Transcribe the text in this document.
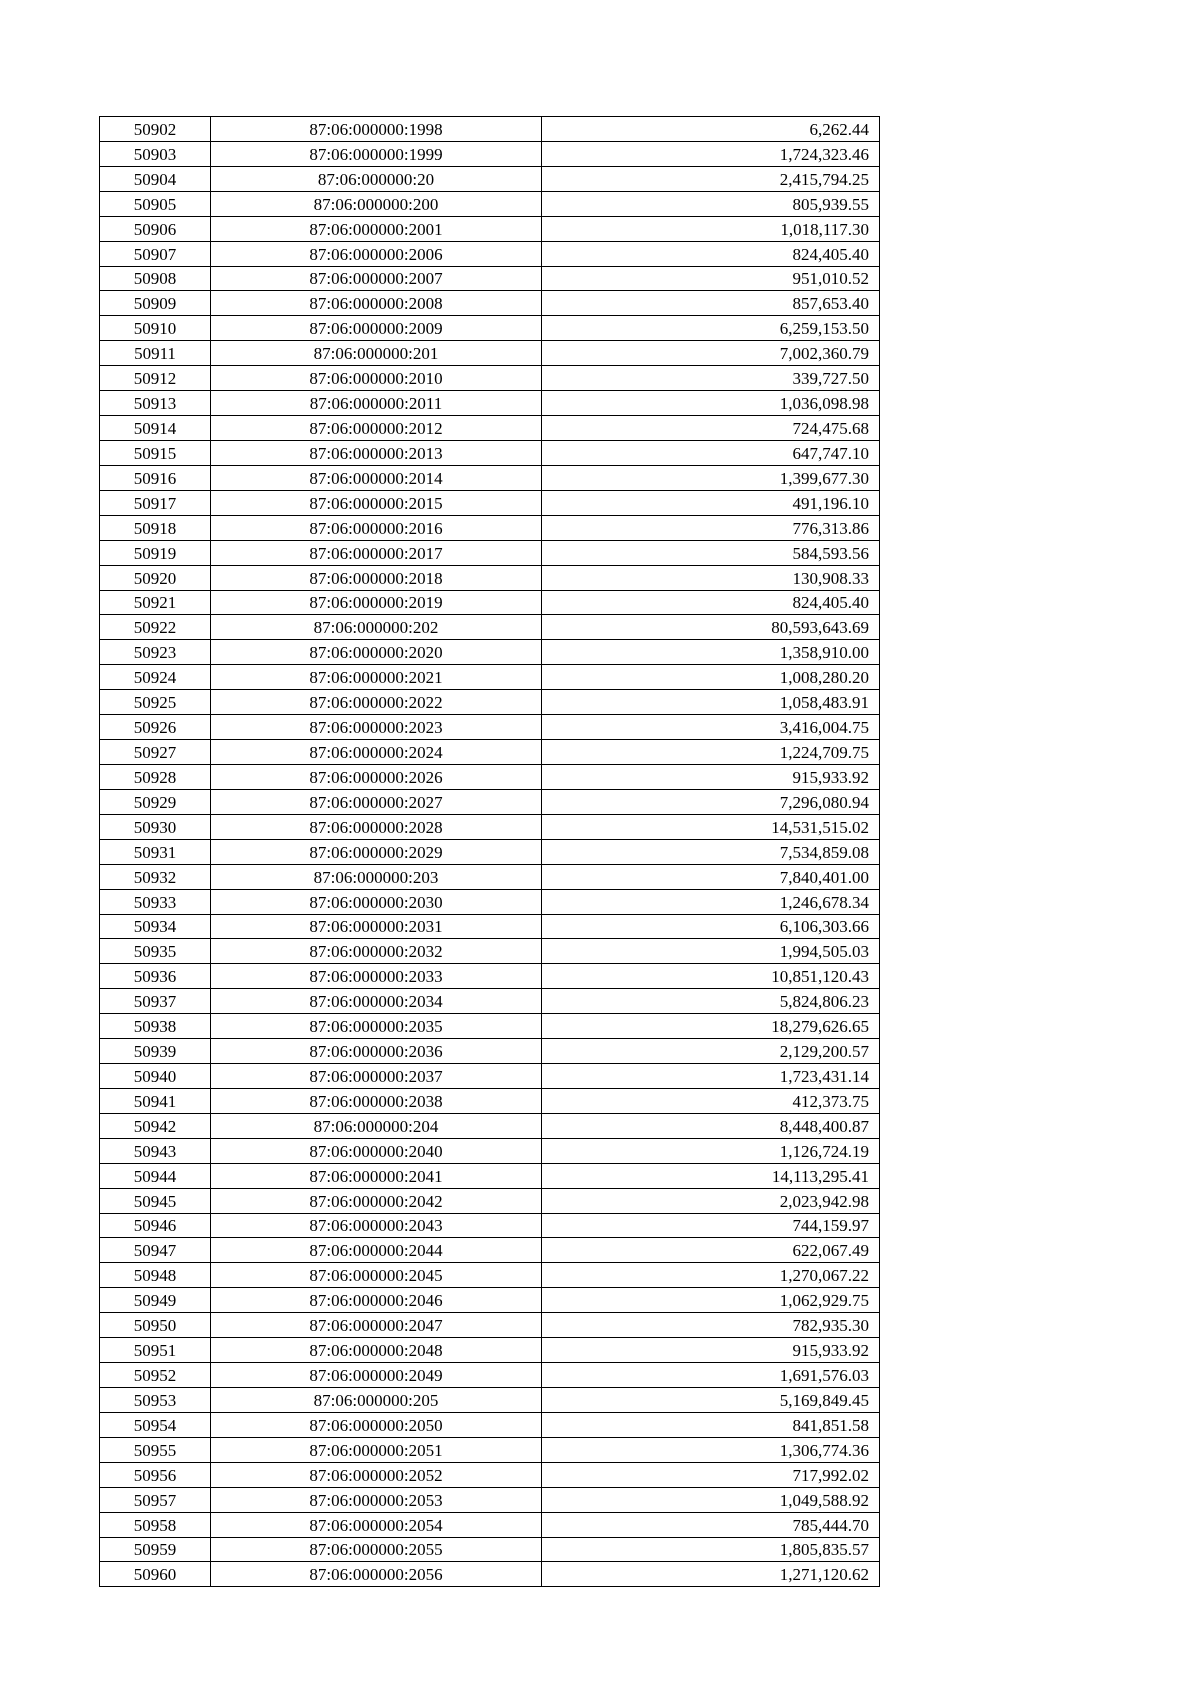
50902	87:06:000000:1998	6,262.44
50903	87:06:000000:1999	1,724,323.46
50904	87:06:000000:20	2,415,794.25
50905	87:06:000000:200	805,939.55
50906	87:06:000000:2001	1,018,117.30
50907	87:06:000000:2006	824,405.40
50908	87:06:000000:2007	951,010.52
50909	87:06:000000:2008	857,653.40
50910	87:06:000000:2009	6,259,153.50
50911	87:06:000000:201	7,002,360.79
50912	87:06:000000:2010	339,727.50
50913	87:06:000000:2011	1,036,098.98
50914	87:06:000000:2012	724,475.68
50915	87:06:000000:2013	647,747.10
50916	87:06:000000:2014	1,399,677.30
50917	87:06:000000:2015	491,196.10
50918	87:06:000000:2016	776,313.86
50919	87:06:000000:2017	584,593.56
50920	87:06:000000:2018	130,908.33
50921	87:06:000000:2019	824,405.40
50922	87:06:000000:202	80,593,643.69
50923	87:06:000000:2020	1,358,910.00
50924	87:06:000000:2021	1,008,280.20
50925	87:06:000000:2022	1,058,483.91
50926	87:06:000000:2023	3,416,004.75
50927	87:06:000000:2024	1,224,709.75
50928	87:06:000000:2026	915,933.92
50929	87:06:000000:2027	7,296,080.94
50930	87:06:000000:2028	14,531,515.02
50931	87:06:000000:2029	7,534,859.08
50932	87:06:000000:203	7,840,401.00
50933	87:06:000000:2030	1,246,678.34
50934	87:06:000000:2031	6,106,303.66
50935	87:06:000000:2032	1,994,505.03
50936	87:06:000000:2033	10,851,120.43
50937	87:06:000000:2034	5,824,806.23
50938	87:06:000000:2035	18,279,626.65
50939	87:06:000000:2036	2,129,200.57
50940	87:06:000000:2037	1,723,431.14
50941	87:06:000000:2038	412,373.75
50942	87:06:000000:204	8,448,400.87
50943	87:06:000000:2040	1,126,724.19
50944	87:06:000000:2041	14,113,295.41
50945	87:06:000000:2042	2,023,942.98
50946	87:06:000000:2043	744,159.97
50947	87:06:000000:2044	622,067.49
50948	87:06:000000:2045	1,270,067.22
50949	87:06:000000:2046	1,062,929.75
50950	87:06:000000:2047	782,935.30
50951	87:06:000000:2048	915,933.92
50952	87:06:000000:2049	1,691,576.03
50953	87:06:000000:205	5,169,849.45
50954	87:06:000000:2050	841,851.58
50955	87:06:000000:2051	1,306,774.36
50956	87:06:000000:2052	717,992.02
50957	87:06:000000:2053	1,049,588.92
50958	87:06:000000:2054	785,444.70
50959	87:06:000000:2055	1,805,835.57
50960	87:06:000000:2056	1,271,120.62
